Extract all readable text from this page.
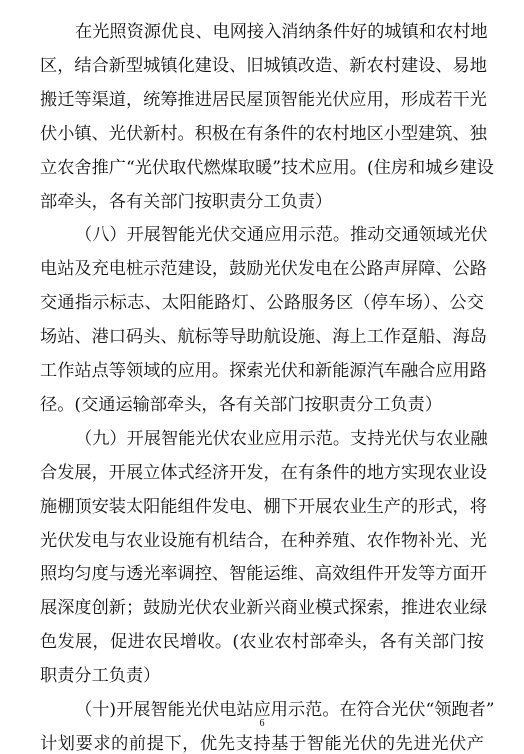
在光照资源优良、电网接入消纳条件好的城镇和农村地
区，结合新型城镇化建设、旧城镇改造、新农村建设、易地
搬迁等渠道，统筹推进居民屋顶智能光伏应用，形成若干光
伏小镇、光伏新村。积极在有条件的农村地区小型建筑、独
立农舍推广“光伏取代燃煤取暖”技术应用。(住房和城乡建设
部牵头，各有关部门按职责分工负责）
（八）开展智能光伏交通应用示范。推动交通领域光伏
电站及充电桩示范建设，鼓励光伏发电在公路声屏障、公路
交通指示标志、太阳能路灯、公路服务区（停车场）、公交
场站、港口码头、航标等导助航设施、海上工作趸船、海岛
工作站点等领域的应用。探索光伏和新能源汽车融合应用路
径。(交通运输部牵头，各有关部门按职责分工负责）
（九）开展智能光伏农业应用示范。支持光伏与农业融
合发展，开展立体式经济开发，在有条件的地方实现农业设
施棚顶安装太阳能组件发电、棚下开展农业生产的形式，将
光伏发电与农业设施有机结合，在种养殖、农作物补光、光
照均匀度与透光率调控、智能运维、高效组件开发等方面开
展深度创新；鼓励光伏农业新兴商业模式探索，推进农业绿
色发展，促进农民增收。(农业农村部牵头，各有关部门按
职责分工负责）
（十)开展智能光伏电站应用示范。在符合光伏“领跑者”
计划要求的前提下，优先支持基于智能光伏的先进光伏产
6
